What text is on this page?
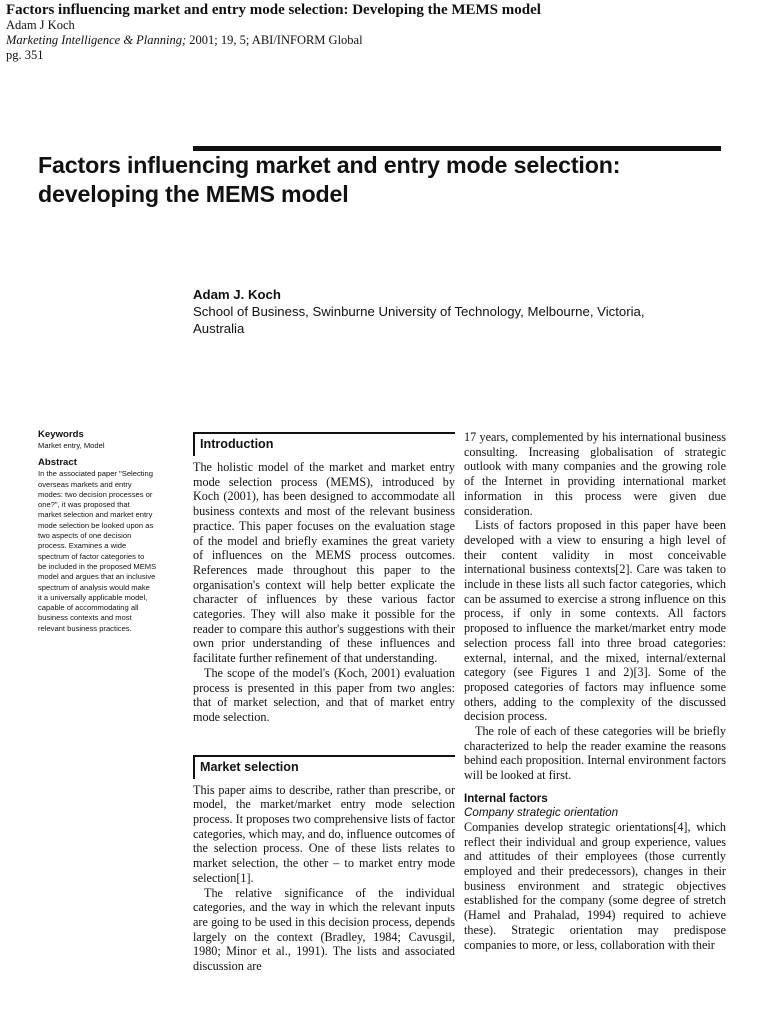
Factors influencing market and entry mode selection: Developing the MEMS model
Adam J Koch
Marketing Intelligence & Planning; 2001; 19, 5; ABI/INFORM Global
pg. 351
Factors influencing market and entry mode selection:
developing the MEMS model
Adam J. Koch
School of Business, Swinburne University of Technology, Melbourne, Victoria,
Australia
Keywords
Market entry, Model
Abstract
In the associated paper "Selecting
overseas markets and entry
modes: two decision processes or
one?", it was proposed that
market selection and market entry
mode selection be looked upon as
two aspects of one decision
process. Examines a wide
spectrum of factor categories to
be included in the proposed MEMS
model and argues that an inclusive
spectrum of analysis would make
it a universally applicable model,
capable of accommodating all
business contexts and most
relevant business practices.
Introduction

The holistic model of the market and market entry mode selection process (MEMS), introduced by Koch (2001), has been designed to accommodate all business contexts and most of the relevant business practice. This paper focuses on the evaluation stage of the model and briefly examines the great variety of influences on the MEMS process outcomes. References made throughout this paper to the organisation's context will help better explicate the character of influences by these various factor categories. They will also make it possible for the reader to compare this author's suggestions with their own prior understanding of these influences and facilitate further refinement of that understanding.

The scope of the model's (Koch, 2001) evaluation process is presented in this paper from two angles: that of market selection, and that of market entry mode selection.

Market selection

This paper aims to describe, rather than prescribe, or model, the market/market entry mode selection process. It proposes two comprehensive lists of factor categories, which may, and do, influence outcomes of the selection process. One of these lists relates to market selection, the other – to market entry mode selection[1].

The relative significance of the individual categories, and the way in which the relevant inputs are going to be used in this decision process, depends largely on the context (Bradley, 1984; Cavusgil, 1980; Minor et al., 1991). The lists and associated discussion are

17 years, complemented by his international business consulting. Increasing globalisation of strategic outlook with many companies and the growing role of the Internet in providing international market information in this process were given due consideration.

Lists of factors proposed in this paper have been developed with a view to ensuring a high level of their content validity in most conceivable international business contexts[2]. Care was taken to include in these lists all such factor categories, which can be assumed to exercise a strong influence on this process, if only in some contexts. All factors proposed to influence the market/market entry mode selection process fall into three broad categories: external, internal, and the mixed, internal/external category (see Figures 1 and 2)[3]. Some of the proposed categories of factors may influence some others, adding to the complexity of the discussed decision process.

The role of each of these categories will be briefly characterized to help the reader examine the reasons behind each proposition. Internal environment factors will be looked at first.

Internal factors
Company strategic orientation

Companies develop strategic orientations[4], which reflect their individual and group experience, values and attitudes of their employees (those currently employed and their predecessors), changes in their business environment and strategic objectives established for the company (some degree of stretch (Hamel and Prahalad, 1994) required to achieve these). Strategic orientation may predispose companies to more, or less, collaboration with their
